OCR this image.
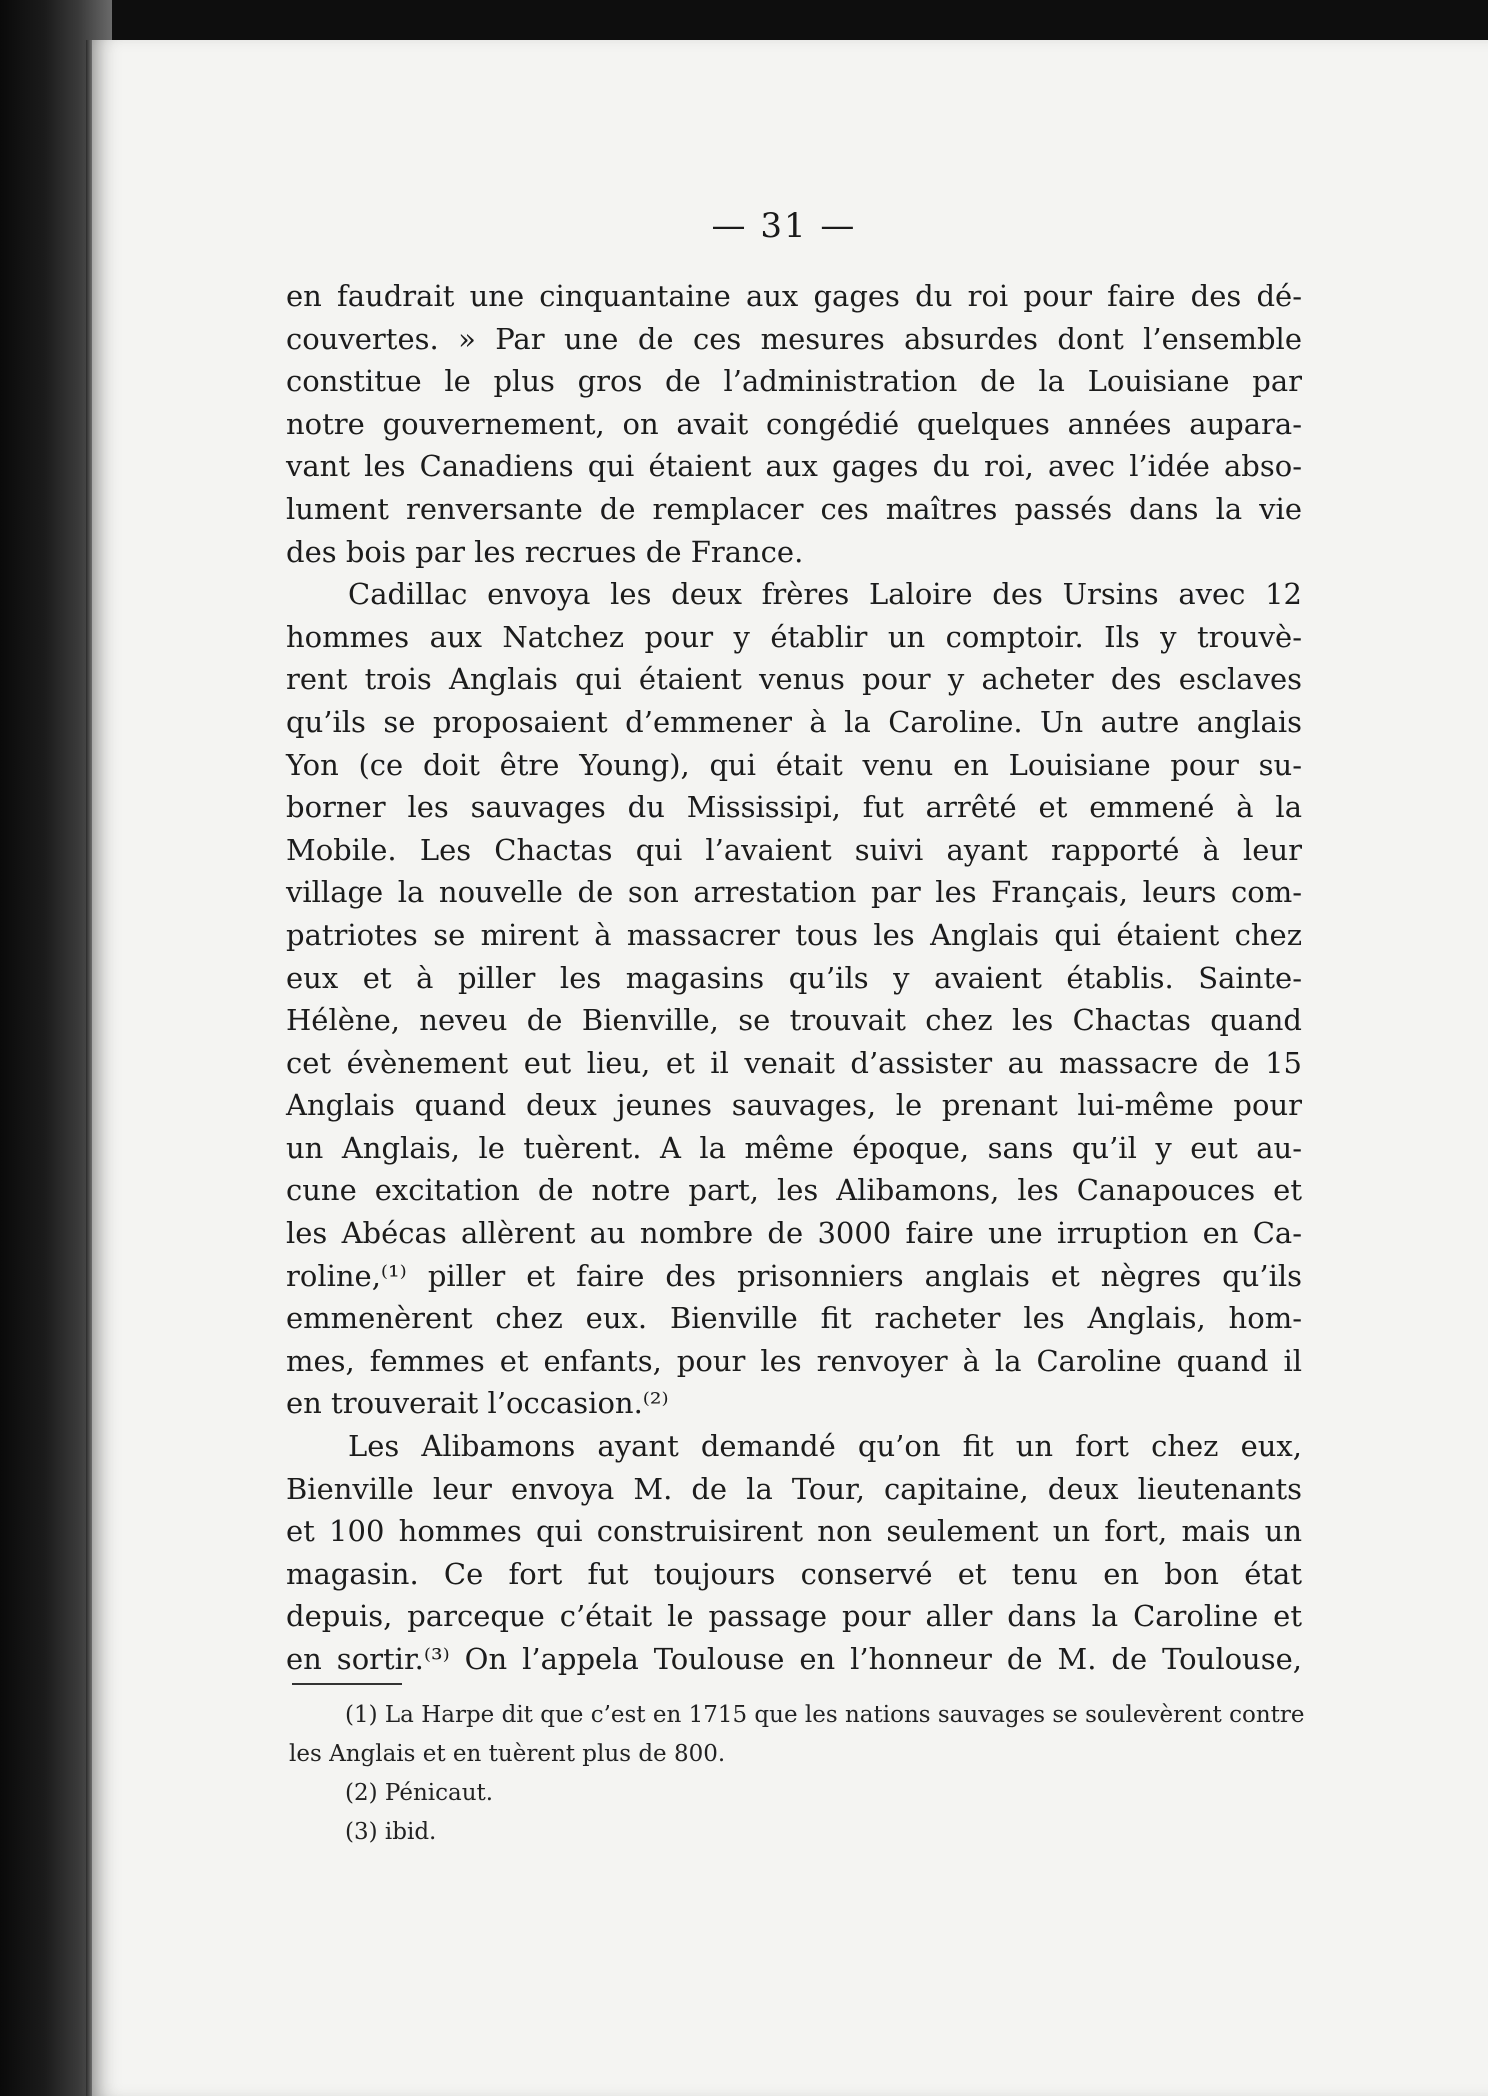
— 31 —
en faudrait une cinquantaine aux gages du roi pour faire des dé-
couvertes. » Par une de ces mesures absurdes dont l’ensemble
constitue le plus gros de l’administration de la Louisiane par
notre gouvernement, on avait congédié quelques années aupara-
vant les Canadiens qui étaient aux gages du roi, avec l’idée abso-
lument renversante de remplacer ces maîtres passés dans la vie
des bois par les recrues de France.
Cadillac envoya les deux frères Laloire des Ursins avec 12
hommes aux Natchez pour y établir un comptoir. Ils y trouvè-
rent trois Anglais qui étaient venus pour y acheter des esclaves
qu’ils se proposaient d’emmener à la Caroline. Un autre anglais
Yon (ce doit être Young), qui était venu en Louisiane pour su-
borner les sauvages du Mississipi, fut arrêté et emmené à la
Mobile. Les Chactas qui l’avaient suivi ayant rapporté à leur
village la nouvelle de son arrestation par les Français, leurs com-
patriotes se mirent à massacrer tous les Anglais qui étaient chez
eux et à piller les magasins qu’ils y avaient établis. Sainte-
Hélène, neveu de Bienville, se trouvait chez les Chactas quand
cet évènement eut lieu, et il venait d’assister au massacre de 15
Anglais quand deux jeunes sauvages, le prenant lui-même pour
un Anglais, le tuèrent. A la même époque, sans qu’il y eut au-
cune excitation de notre part, les Alibamons, les Canapouces et
les Abécas allèrent au nombre de 3000 faire une irruption en Ca-
roline,⁽¹⁾ piller et faire des prisonniers anglais et nègres qu’ils
emmenèrent chez eux. Bienville fit racheter les Anglais, hom-
mes, femmes et enfants, pour les renvoyer à la Caroline quand il
en trouverait l’occasion.⁽²⁾
Les Alibamons ayant demandé qu’on fit un fort chez eux,
Bienville leur envoya M. de la Tour, capitaine, deux lieutenants
et 100 hommes qui construisirent non seulement un fort, mais un
magasin. Ce fort fut toujours conservé et tenu en bon état
depuis, parceque c’était le passage pour aller dans la Caroline et
en sortir.⁽³⁾ On l’appela Toulouse en l’honneur de M. de Toulouse,
(1) La Harpe dit que c’est en 1715 que les nations sauvages se soulevèrent contre
les Anglais et en tuèrent plus de 800.
(2) Pénicaut.
(3) ibid.
